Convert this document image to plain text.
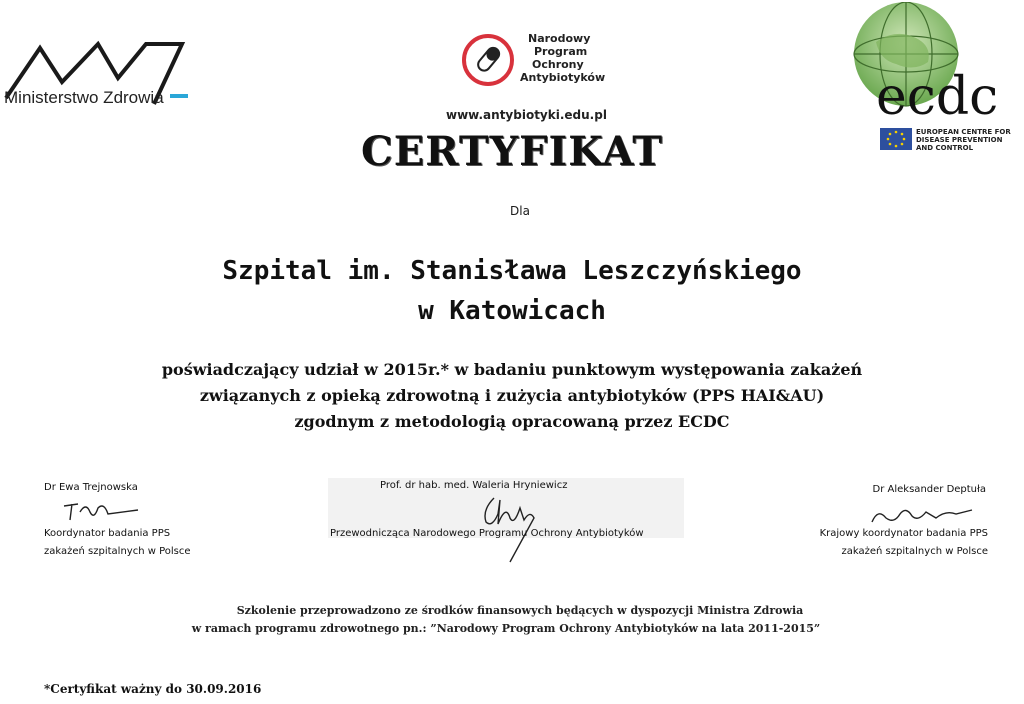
Ministerstwo Zdrowia
Narodowy
Program
Ochrony
Antybiotyków
www.antybiotyki.edu.pl	ecdc
EUROPEAN CENTRE FOR
DISEASE PREVENTION
AND CONTROL
CERTYFIKAT
Dla
Szpital im. Stanisława Leszczyńskiego
w Katowicach
poświadczający udział w 2015r.* w badaniu punktowym występowania zakażeń
związanych z opieką zdrowotną i zużycia antybiotyków (PPS HAI&AU)
zgodnym z metodologią opracowaną przez ECDC
Dr Ewa Trejnowska
Koordynator badania PPS
zakażeń szpitalnych w Polsce
Prof. dr hab. med. Waleria Hryniewicz
Przewodnicząca Narodowego Programu Ochrony Antybiotyków
Dr Aleksander Deptuła
Krajowy koordynator badania PPS
zakażeń szpitalnych w Polsce
Szkolenie przeprowadzono ze środków finansowych będących w dyspozycji Ministra Zdrowia
w ramach programu zdrowotnego pn.: ”Narodowy Program Ochrony Antybiotyków na lata 2011-2015”
*Certyfikat ważny do 30.09.2016
